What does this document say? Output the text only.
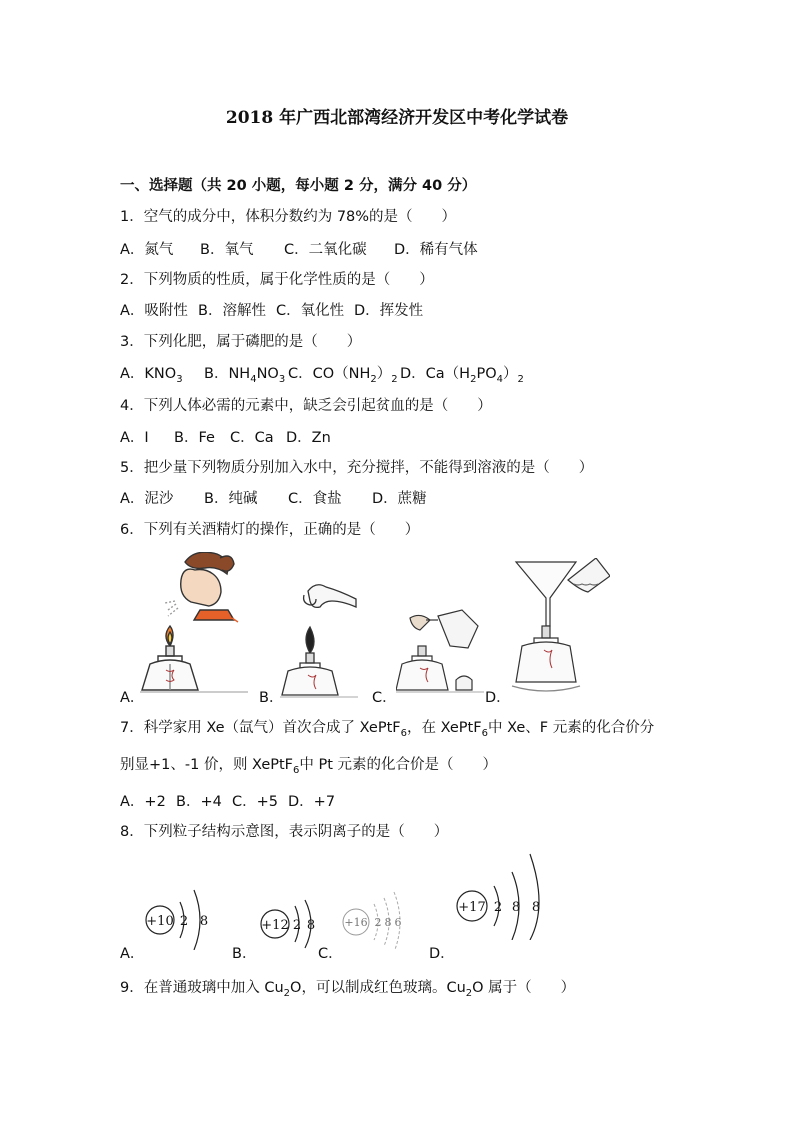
2018 年广西北部湾经济开发区中考化学试卷
一、选择题（共 20 小题，每小题 2 分，满分 40 分）
1．空气的成分中，体积分数约为 78%的是（　　）
A．氮气 B．氧气 C．二氧化碳 D．稀有气体
2．下列物质的性质，属于化学性质的是（　　）
A．吸附性 B．溶解性 C．氧化性 D．挥发性
3．下列化肥，属于磷肥的是（　　）
A．$KNO_3$ B．$NH_4NO_3$ C．$CO(NH_2)_2$ D．$Ca(H_2PO_4)_2$
4．下列人体必需的元素中，缺乏会引起贫血的是（　　）
A．I B．Fe C．Ca D．Zn
5．把少量下列物质分别加入水中，充分搅拌，不能得到溶液的是（　　）
A．泥沙 B．纯碱 C．食盐 D．蔗糖
6．下列有关酒精灯的操作，正确的是（　　）
A．	B．	C．	D．
7．科学家用 Xe（氙气）首次合成了 XePtF$_6$，在 XePtF$_6$中 Xe、F 元素的化合价分
别显+1、-1 价，则 XePtF$_6$中 Pt 元素的化合价是（　　）
A．+2 B．+4 C．+5 D．+7
8．下列粒子结构示意图，表示阴离子的是（　　）
+10 2 8
A．
+12 2 8
B．
+16 2 8 6
C．
+17 2 8 8
D．
9．在普通玻璃中加入 $Cu_2O$，可以制成红色玻璃。$Cu_2O$ 属于（　　）
